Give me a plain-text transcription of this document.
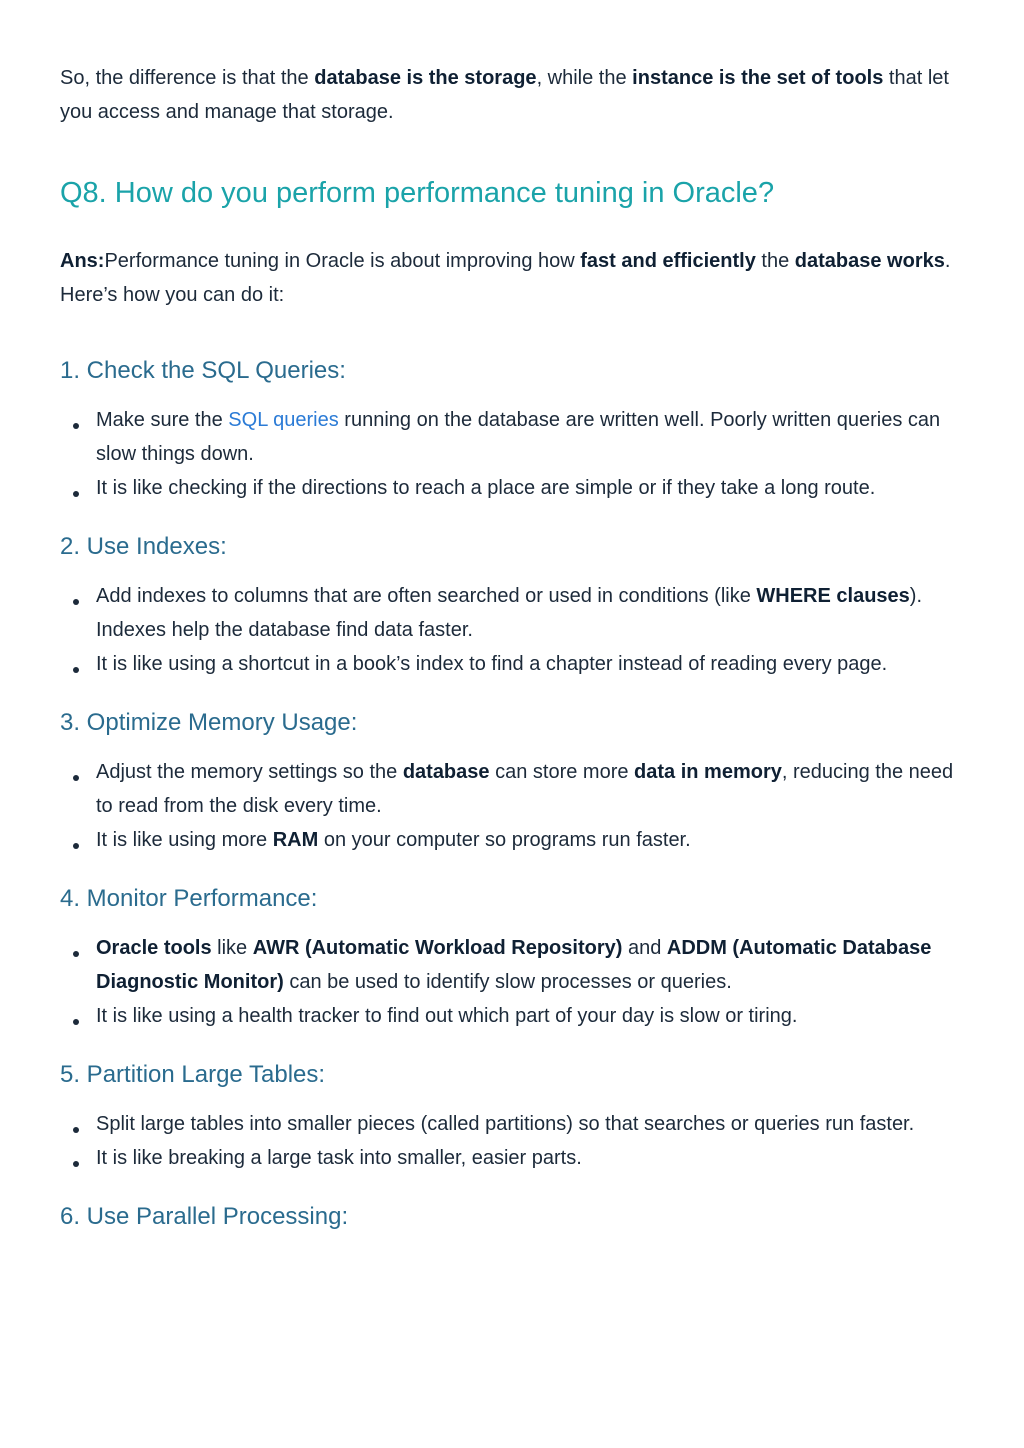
So, the difference is that the database is the storage, while the instance is the set of tools that let you access and manage that storage.

Q8. How do you perform performance tuning in Oracle?

Ans:Performance tuning in Oracle is about improving how fast and efficiently the database works. Here’s how you can do it:

1. Check the SQL Queries:
Make sure the SQL queries running on the database are written well. Poorly written queries can slow things down.
It is like checking if the directions to reach a place are simple or if they take a long route.
2. Use Indexes:
Add indexes to columns that are often searched or used in conditions (like WHERE clauses). Indexes help the database find data faster.
It is like using a shortcut in a book’s index to find a chapter instead of reading every page.
3. Optimize Memory Usage:
Adjust the memory settings so the database can store more data in memory, reducing the need to read from the disk every time.
It is like using more RAM on your computer so programs run faster.
4. Monitor Performance:
Oracle tools like AWR (Automatic Workload Repository) and ADDM (Automatic Database Diagnostic Monitor) can be used to identify slow processes or queries.
It is like using a health tracker to find out which part of your day is slow or tiring.
5. Partition Large Tables:
Split large tables into smaller pieces (called partitions) so that searches or queries run faster.
It is like breaking a large task into smaller, easier parts.
6. Use Parallel Processing:
